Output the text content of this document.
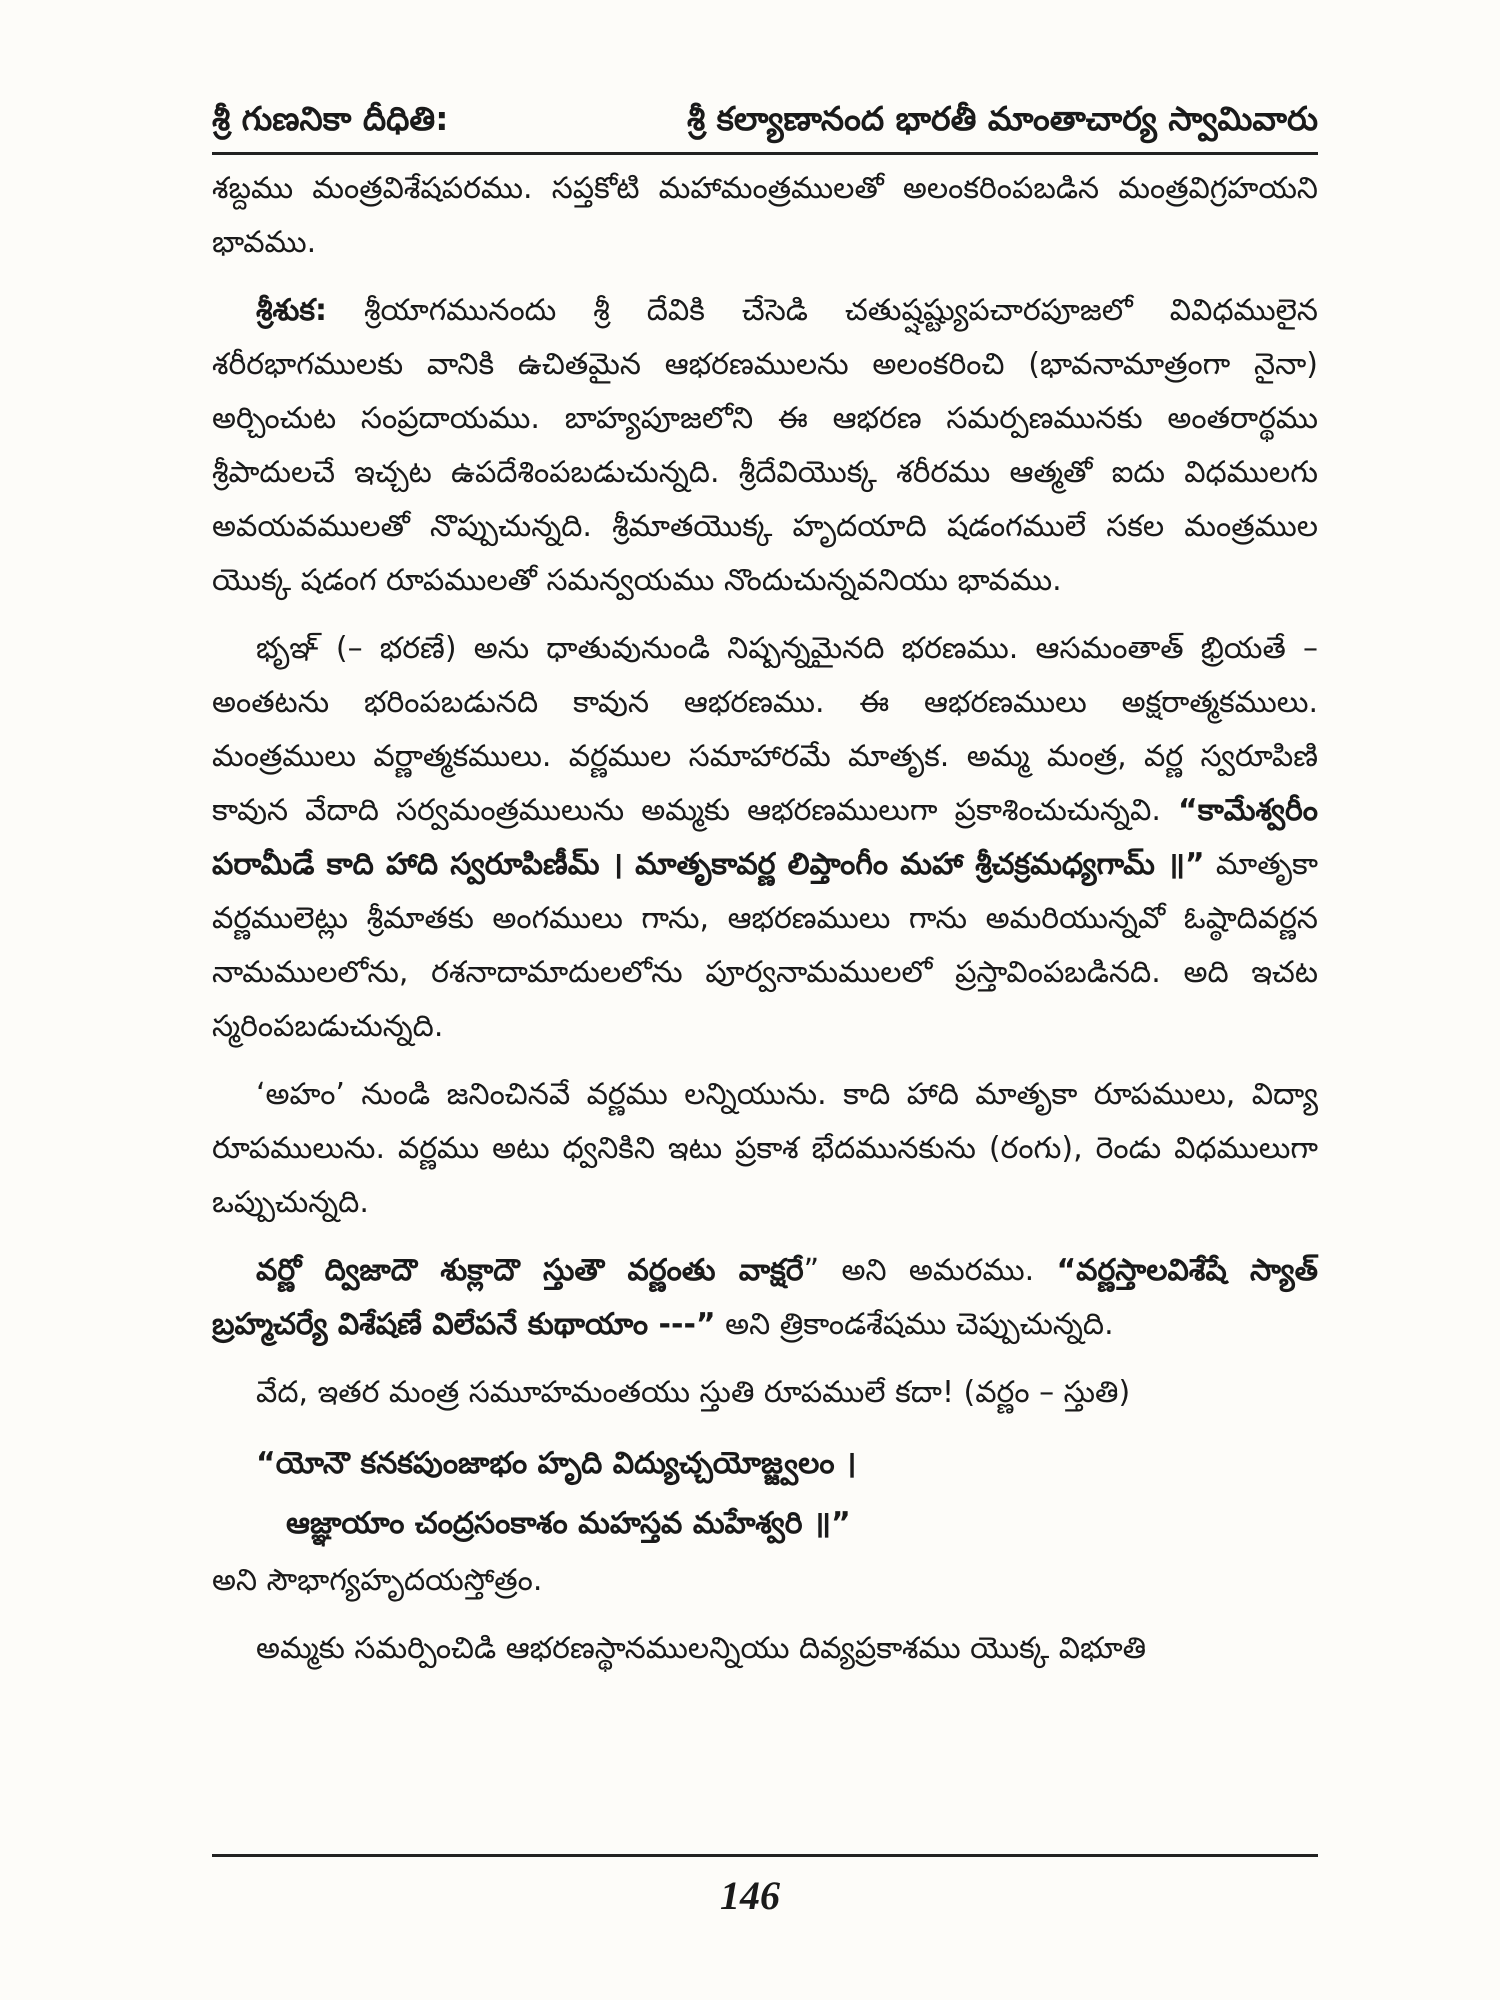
శ్రీ గుణనికా దీధితి:	శ్రీ కల్యాణానంద భారతీ మాంతాచార్య స్వామివారు

శబ్దము మంత్రవిశేషపరము. సప్తకోటి మహామంత్రములతో అలంకరింపబడిన మంత్రవిగ్రహయని భావము.

శ్రీశుక: శ్రీయాగమునందు శ్రీ దేవికి చేసెడి చతుష్షష్ట్యుపచారపూజలో వివిధములైన శరీరభాగములకు వానికి ఉచితమైన ఆభరణములను అలంకరించి (భావనామాత్రంగా నైనా) అర్చించుట సంప్రదాయము. బాహ్యపూజలోని ఈ ఆభరణ సమర్పణమునకు అంతరార్థము శ్రీపాదులచే ఇచ్చట ఉపదేశింపబడుచున్నది. శ్రీదేవియొక్క శరీరము ఆత్మతో ఐదు విధములగు అవయవములతో నొప్పుచున్నది. శ్రీమాతయొక్క హృదయాది షడంగములే సకల మంత్రముల యొక్క షడంగ రూపములతో సమన్వయము నొందుచున్నవనియు భావము.

భృఞ్ (– భరణే) అను ధాతువునుండి నిష్పన్నమైనది భరణము. ఆసమంతాత్ భ్రియతే – అంతటను భరింపబడునది కావున ఆభరణము. ఈ ఆభరణములు అక్షరాత్మకములు. మంత్రములు వర్ణాత్మకములు. వర్ణముల సమాహారమే మాతృక. అమ్మ మంత్ర, వర్ణ స్వరూపిణి కావున వేదాది సర్వమంత్రములును అమ్మకు ఆభరణములుగా ప్రకాశించుచున్నవి. “కామేశ్వరీం పరామీడే కాది హాది స్వరూపిణీమ్ । మాతృకావర్ణ లిప్తాంగీం మహా శ్రీచక్రమధ్యగామ్ ॥” మాతృకా వర్ణములెట్లు శ్రీమాతకు అంగములు గాను, ఆభరణములు గాను అమరియున్నవో ఓష్ఠాదివర్ణన నామములలోను, రశనాదామాదులలోను పూర్వనామములలో ప్రస్తావింపబడినది. అది ఇచట స్మరింపబడుచున్నది.

‘అహం’ నుండి జనించినవే వర్ణము లన్నియును. కాది హాది మాతృకా రూపములు, విద్యా రూపములును. వర్ణము అటు ధ్వనికిని ఇటు ప్రకాశ భేదమునకును (రంగు), రెండు విధములుగా ఒప్పుచున్నది.

వర్ణో ద్విజాదౌ శుక్లాదౌ స్తుతౌ వర్ణంతు వాక్షరే” అని అమరము. “వర్ణస్తాలవిశేషే స్యాత్ బ్రహ్మచర్యే విశేషణే విలేపనే కుథాయాం ---” అని త్రికాండశేషము చెప్పుచున్నది.

వేద, ఇతర మంత్ర సమూహమంతయు స్తుతి రూపములే కదా! (వర్ణం – స్తుతి)

“యోనౌ కనకపుంజాభం హృది విద్యుచ్చయోజ్జ్వలం ।
ఆజ్ఞాయాం చంద్రసంకాశం మహస్తవ మహేశ్వరి ॥”

అని సౌభాగ్యహృదయస్తోత్రం.

అమ్మకు సమర్పించిడి ఆభరణస్థానములన్నియు దివ్యప్రకాశము యొక్క విభూతి

146
